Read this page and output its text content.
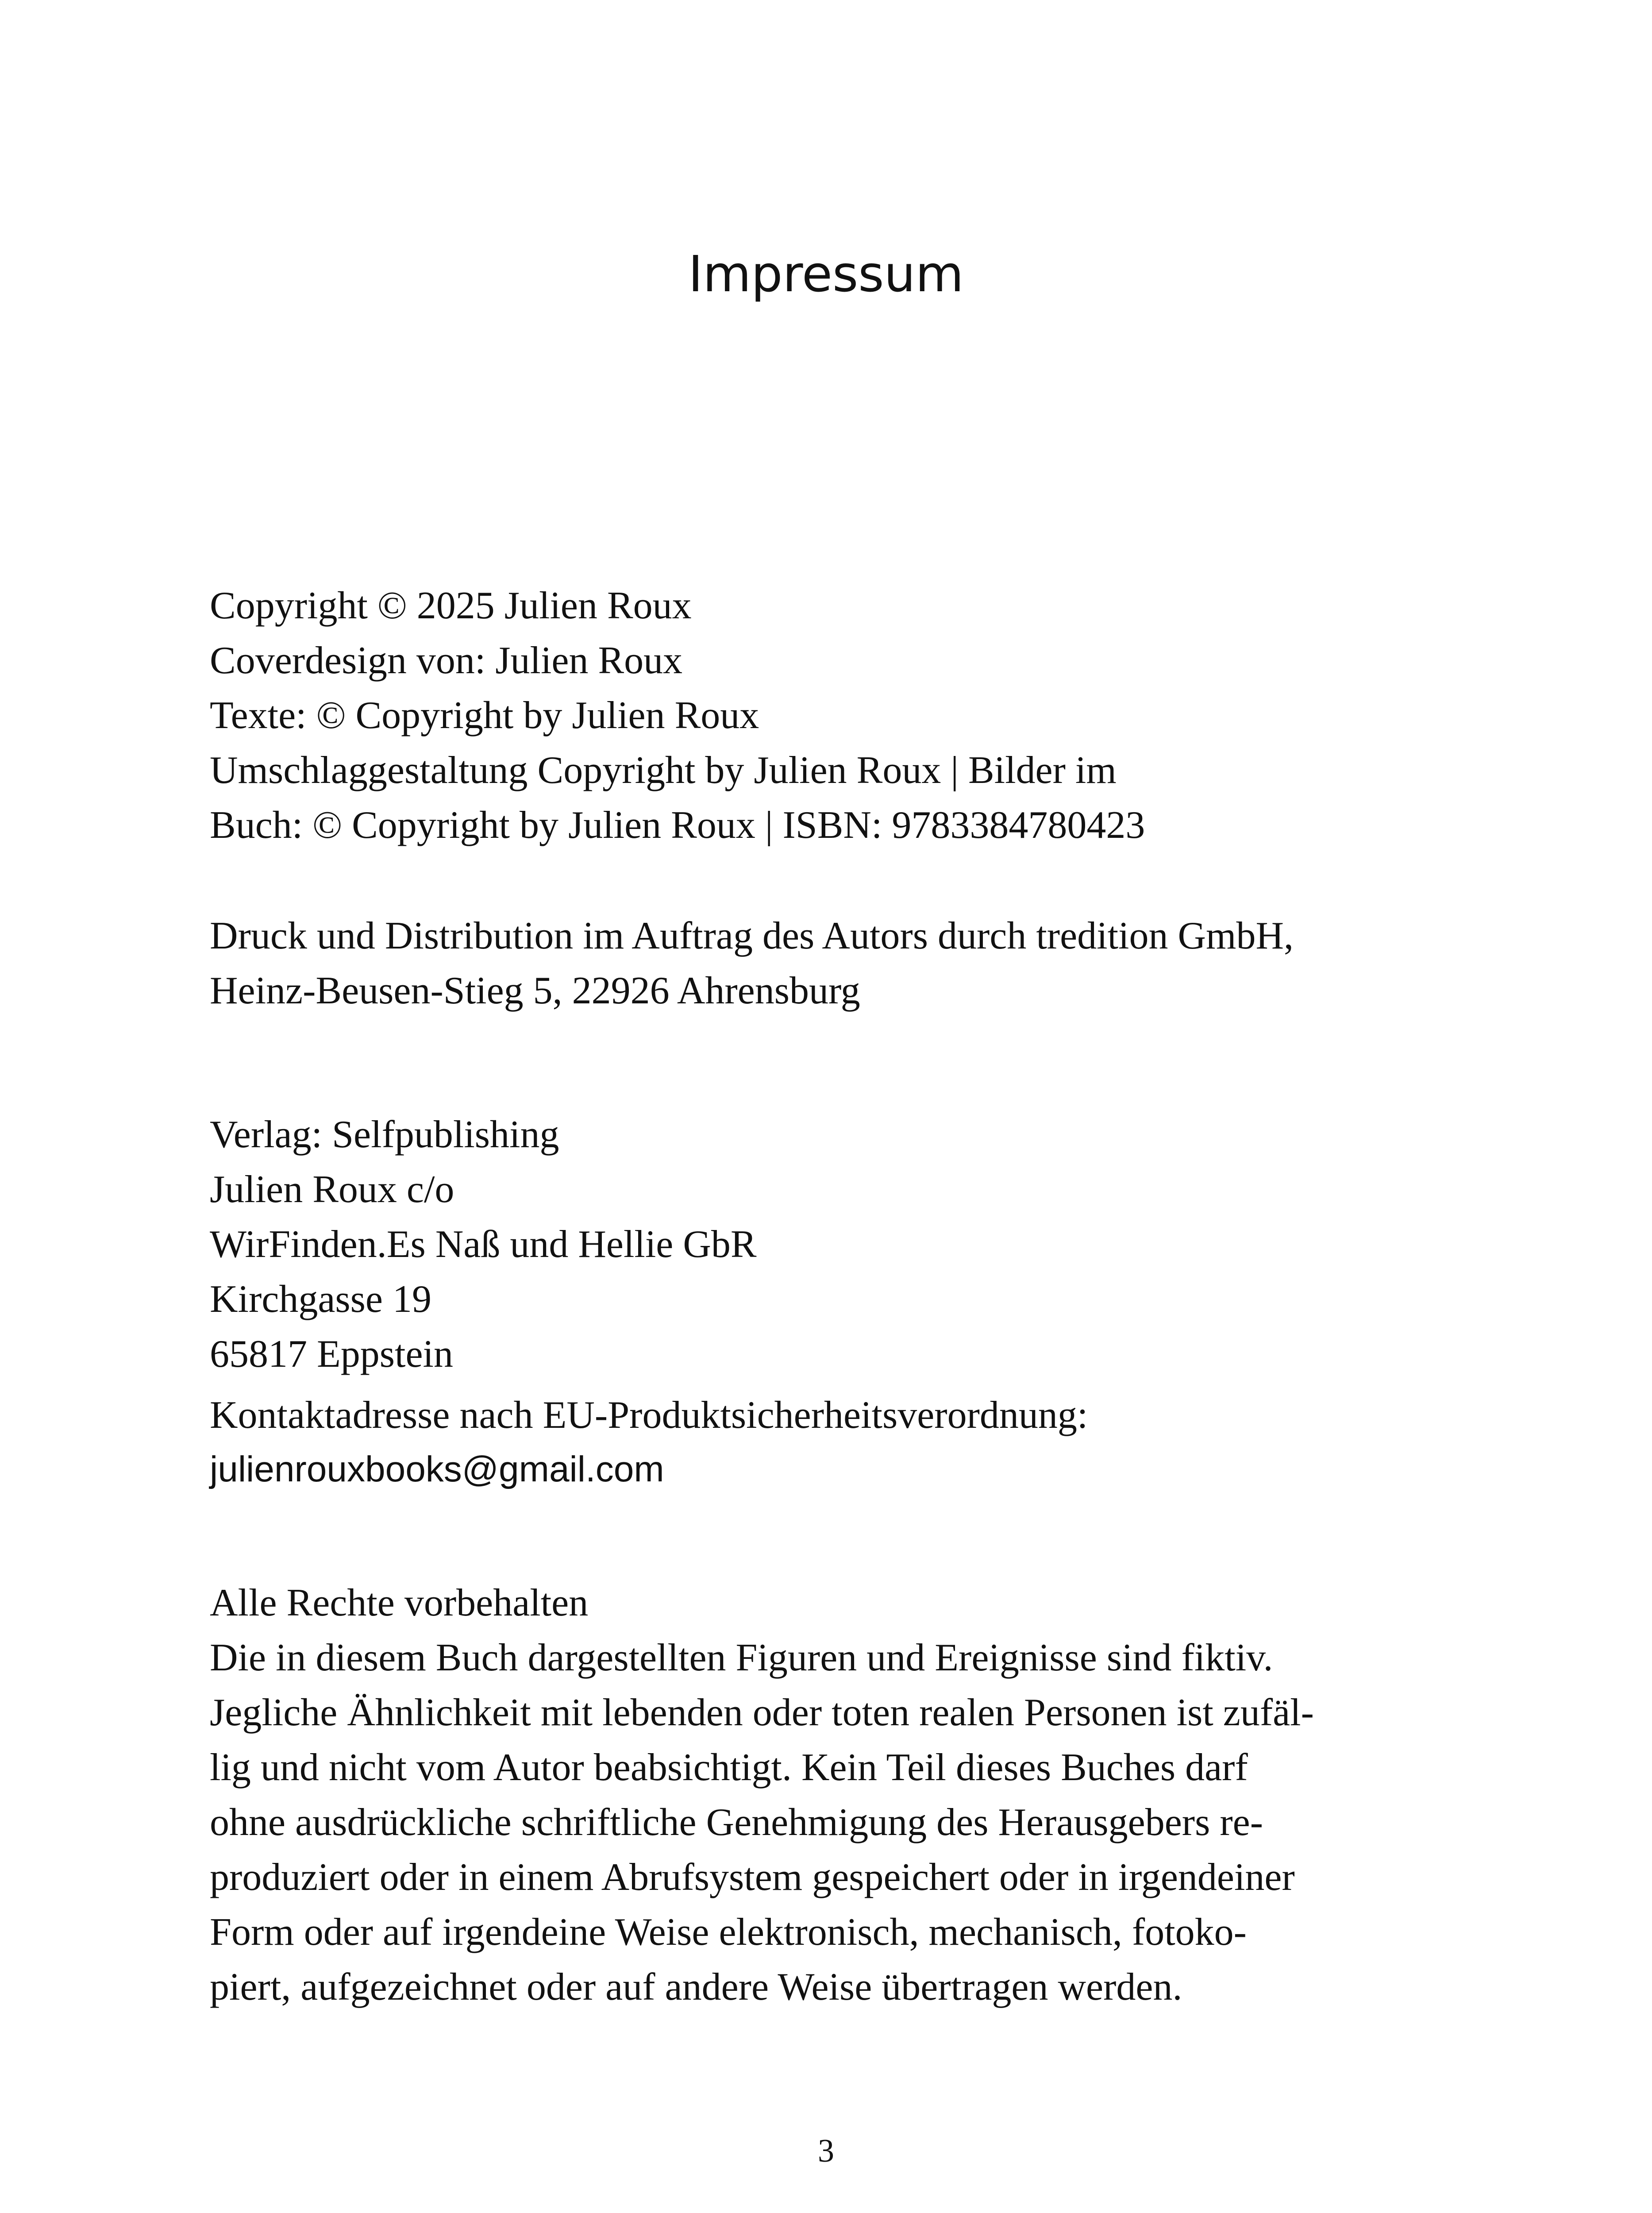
Impressum
Copyright © 2025 Julien Roux
Coverdesign von: Julien Roux
Texte: © Copyright by Julien Roux
Umschlaggestaltung Copyright by Julien Roux | Bilder im
Buch: © Copyright by Julien Roux | ISBN: 9783384780423
Druck und Distribution im Auftrag des Autors durch tredition GmbH,
Heinz-Beusen-Stieg 5, 22926 Ahrensburg
Verlag: Selfpublishing
Julien Roux c/o
WirFinden.Es Naß und Hellie GbR
Kirchgasse 19
65817 Eppstein
Kontaktadresse nach EU-Produktsicherheitsverordnung:
julienrouxbooks@gmail.com
Alle Rechte vorbehalten
Die in diesem Buch dargestellten Figuren und Ereignisse sind fiktiv.
Jegliche Ähnlichkeit mit lebenden oder toten realen Personen ist zufäl-
lig und nicht vom Autor beabsichtigt. Kein Teil dieses Buches darf
ohne ausdrückliche schriftliche Genehmigung des Herausgebers re-
produziert oder in einem Abrufsystem gespeichert oder in irgendeiner
Form oder auf irgendeine Weise elektronisch, mechanisch, fotoko-
piert, aufgezeichnet oder auf andere Weise übertragen werden.
3
